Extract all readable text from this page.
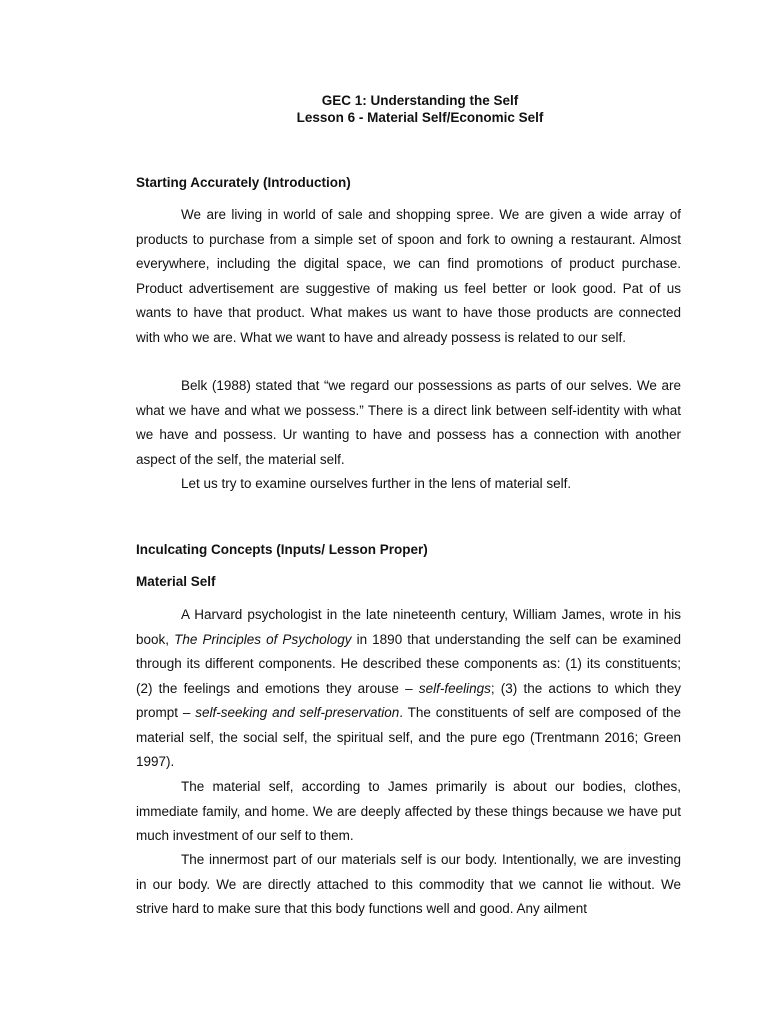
GEC 1: Understanding the Self
Lesson 6 - Material Self/Economic Self
Starting Accurately (Introduction)

We are living in world of sale and shopping spree. We are given a wide array of products to purchase from a simple set of spoon and fork to owning a restaurant. Almost everywhere, including the digital space, we can find promotions of product purchase. Product advertisement are suggestive of making us feel better or look good. Pat of us wants to have that product. What makes us want to have those products are connected with who we are. What we want to have and already possess is related to our self.

Belk (1988) stated that “we regard our possessions as parts of our selves. We are what we have and what we possess.” There is a direct link between self-identity with what we have and possess. Ur wanting to have and possess has a connection with another aspect of the self, the material self.

Let us try to examine ourselves further in the lens of material self.

Inculcating Concepts (Inputs/ Lesson Proper)
Material Self

A Harvard psychologist in the late nineteenth century, William James, wrote in his book, The Principles of Psychology in 1890 that understanding the self can be examined through its different components. He described these components as: (1) its constituents; (2) the feelings and emotions they arouse – self-feelings; (3) the actions to which they prompt – self-seeking and self-preservation. The constituents of self are composed of the material self, the social self, the spiritual self, and the pure ego (Trentmann 2016; Green 1997).

The material self, according to James primarily is about our bodies, clothes, immediate family, and home. We are deeply affected by these things because we have put much investment of our self to them.

The innermost part of our materials self is our body. Intentionally, we are investing in our body. We are directly attached to this commodity that we cannot lie without. We strive hard to make sure that this body functions well and good. Any ailment
